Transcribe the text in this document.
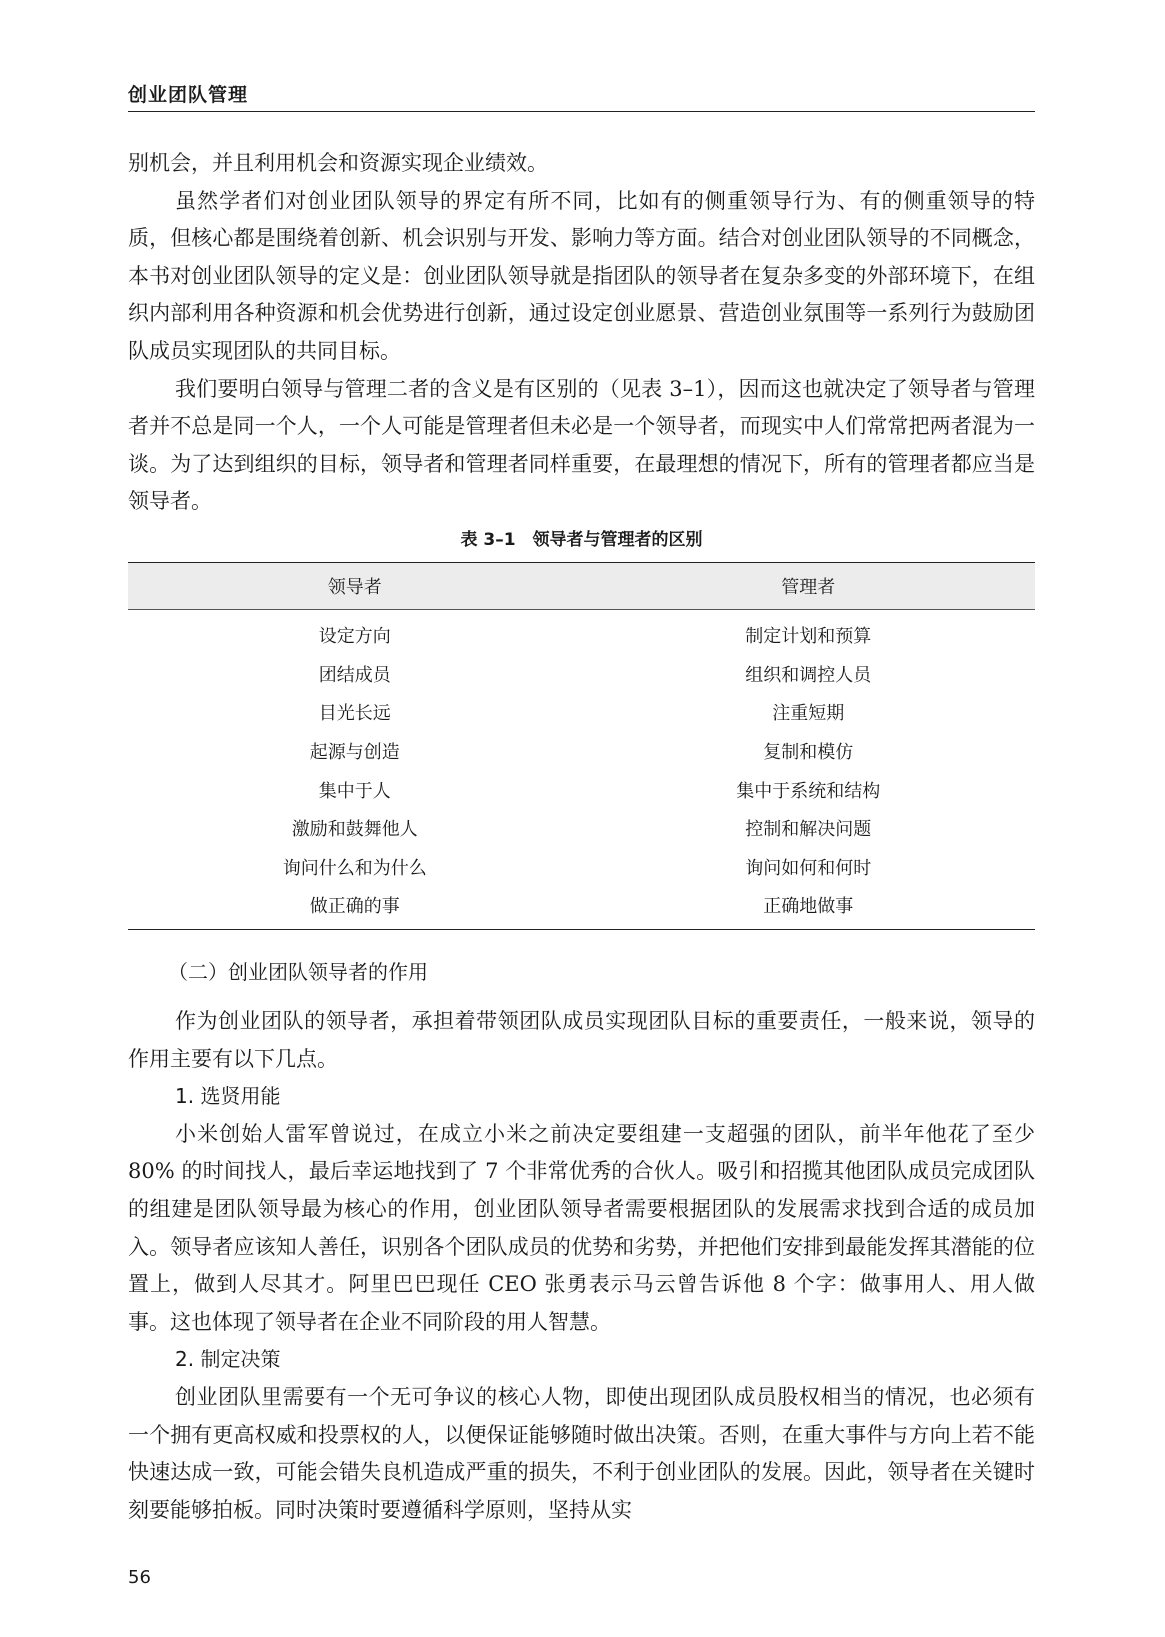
创业团队管理

别机会，并且利用机会和资源实现企业绩效。

虽然学者们对创业团队领导的界定有所不同，比如有的侧重领导行为、有的侧重领导的特质，但核心都是围绕着创新、机会识别与开发、影响力等方面。结合对创业团队领导的不同概念，本书对创业团队领导的定义是：创业团队领导就是指团队的领导者在复杂多变的外部环境下，在组织内部利用各种资源和机会优势进行创新，通过设定创业愿景、营造创业氛围等一系列行为鼓励团队成员实现团队的共同目标。

我们要明白领导与管理二者的含义是有区别的（见表 3–1），因而这也就决定了领导者与管理者并不总是同一个人，一个人可能是管理者但未必是一个领导者，而现实中人们常常把两者混为一谈。为了达到组织的目标，领导者和管理者同样重要，在最理想的情况下，所有的管理者都应当是领导者。

表 3–1　领导者与管理者的区别
领导者	管理者
设定方向	制定计划和预算
团结成员	组织和调控人员
目光长远	注重短期
起源与创造	复制和模仿
集中于人	集中于系统和结构
激励和鼓舞他人	控制和解决问题
询问什么和为什么	询问如何和何时
做正确的事	正确地做事
（二）创业团队领导者的作用

作为创业团队的领导者，承担着带领团队成员实现团队目标的重要责任，一般来说，领导的作用主要有以下几点。

1. 选贤用能

小米创始人雷军曾说过，在成立小米之前决定要组建一支超强的团队，前半年他花了至少 80% 的时间找人，最后幸运地找到了 7 个非常优秀的合伙人。吸引和招揽其他团队成员完成团队的组建是团队领导最为核心的作用，创业团队领导者需要根据团队的发展需求找到合适的成员加入。领导者应该知人善任，识别各个团队成员的优势和劣势，并把他们安排到最能发挥其潜能的位置上，做到人尽其才。阿里巴巴现任 CEO 张勇表示马云曾告诉他 8 个字：做事用人、用人做事。这也体现了领导者在企业不同阶段的用人智慧。

2. 制定决策

创业团队里需要有一个无可争议的核心人物，即使出现团队成员股权相当的情况，也必须有一个拥有更高权威和投票权的人，以便保证能够随时做出决策。否则，在重大事件与方向上若不能快速达成一致，可能会错失良机造成严重的损失，不利于创业团队的发展。因此，领导者在关键时刻要能够拍板。同时决策时要遵循科学原则，坚持从实

56
